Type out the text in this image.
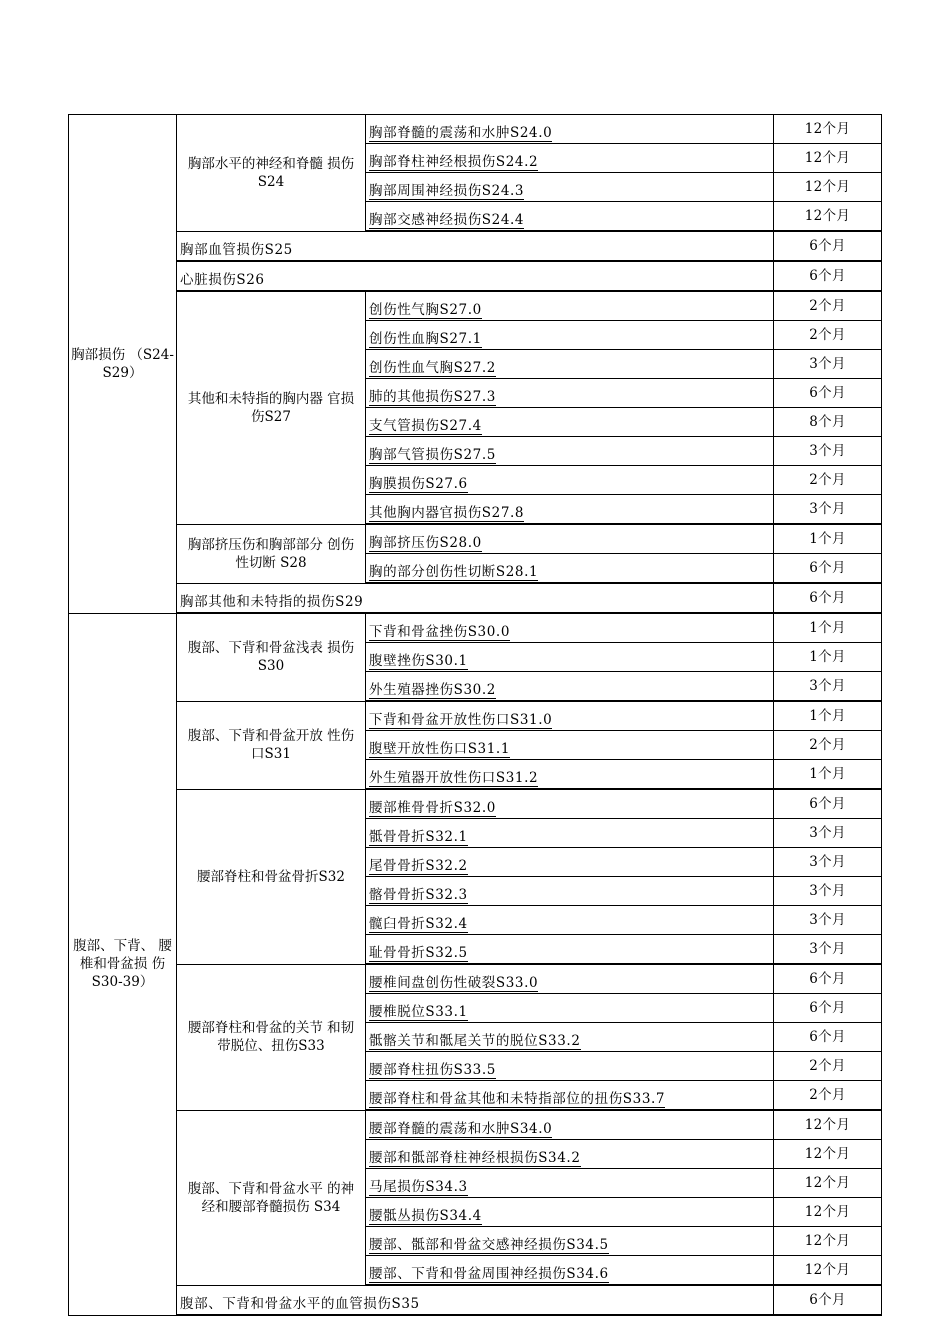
胸部损伤 （S24-S29）	胸部水平的神经和脊髓 损伤S24	胸部脊髓的震荡和水肿S24.0	12个月
		胸部脊柱神经根损伤S24.2	12个月
		胸部周围神经损伤S24.3	12个月
		胸部交感神经损伤S24.4	12个月
	胸部血管损伤S25		6个月
	心脏损伤S26		6个月
	其他和未特指的胸内器 官损伤S27	创伤性气胸S27.0	2个月
		创伤性血胸S27.1	2个月
		创伤性血气胸S27.2	3个月
		肺的其他损伤S27.3	6个月
		支气管损伤S27.4	8个月
		胸部气管损伤S27.5	3个月
		胸膜损伤S27.6	2个月
		其他胸内器官损伤S27.8	3个月
	胸部挤压伤和胸部部分 创伤性切断 S28	胸部挤压伤S28.0	1个月
		胸的部分创伤性切断S28.1	6个月
	胸部其他和未特指的损伤S29		6个月
腹部、下背、 腰椎和骨盆损 伤S30-39）	腹部、下背和骨盆浅表 损伤S30	下背和骨盆挫伤S30.0	1个月
		腹壁挫伤S30.1	1个月
		外生殖器挫伤S30.2	3个月
	腹部、下背和骨盆开放 性伤口S31	下背和骨盆开放性伤口S31.0	1个月
		腹壁开放性伤口S31.1	2个月
		外生殖器开放性伤口S31.2	1个月
	腰部脊柱和骨盆骨折S32	腰部椎骨骨折S32.0	6个月
		骶骨骨折S32.1	3个月
		尾骨骨折S32.2	3个月
		髂骨骨折S32.3	3个月
		髋臼骨折S32.4	3个月
		耻骨骨折S32.5	3个月
	腰部脊柱和骨盆的关节 和韧带脱位、扭伤S33	腰椎间盘创伤性破裂S33.0	6个月
		腰椎脱位S33.1	6个月
		骶髂关节和骶尾关节的脱位S33.2	6个月
		腰部脊柱扭伤S33.5	2个月
		腰部脊柱和骨盆其他和未特指部位的扭伤S33.7	2个月
	腹部、下背和骨盆水平 的神经和腰部脊髓损伤 S34	腰部脊髓的震荡和水肿S34.0	12个月
		腰部和骶部脊柱神经根损伤S34.2	12个月
		马尾损伤S34.3	12个月
		腰骶丛损伤S34.4	12个月
		腰部、骶部和骨盆交感神经损伤S34.5	12个月
		腰部、下背和骨盆周围神经损伤S34.6	12个月
	腹部、下背和骨盆水平的血管损伤S35		6个月
